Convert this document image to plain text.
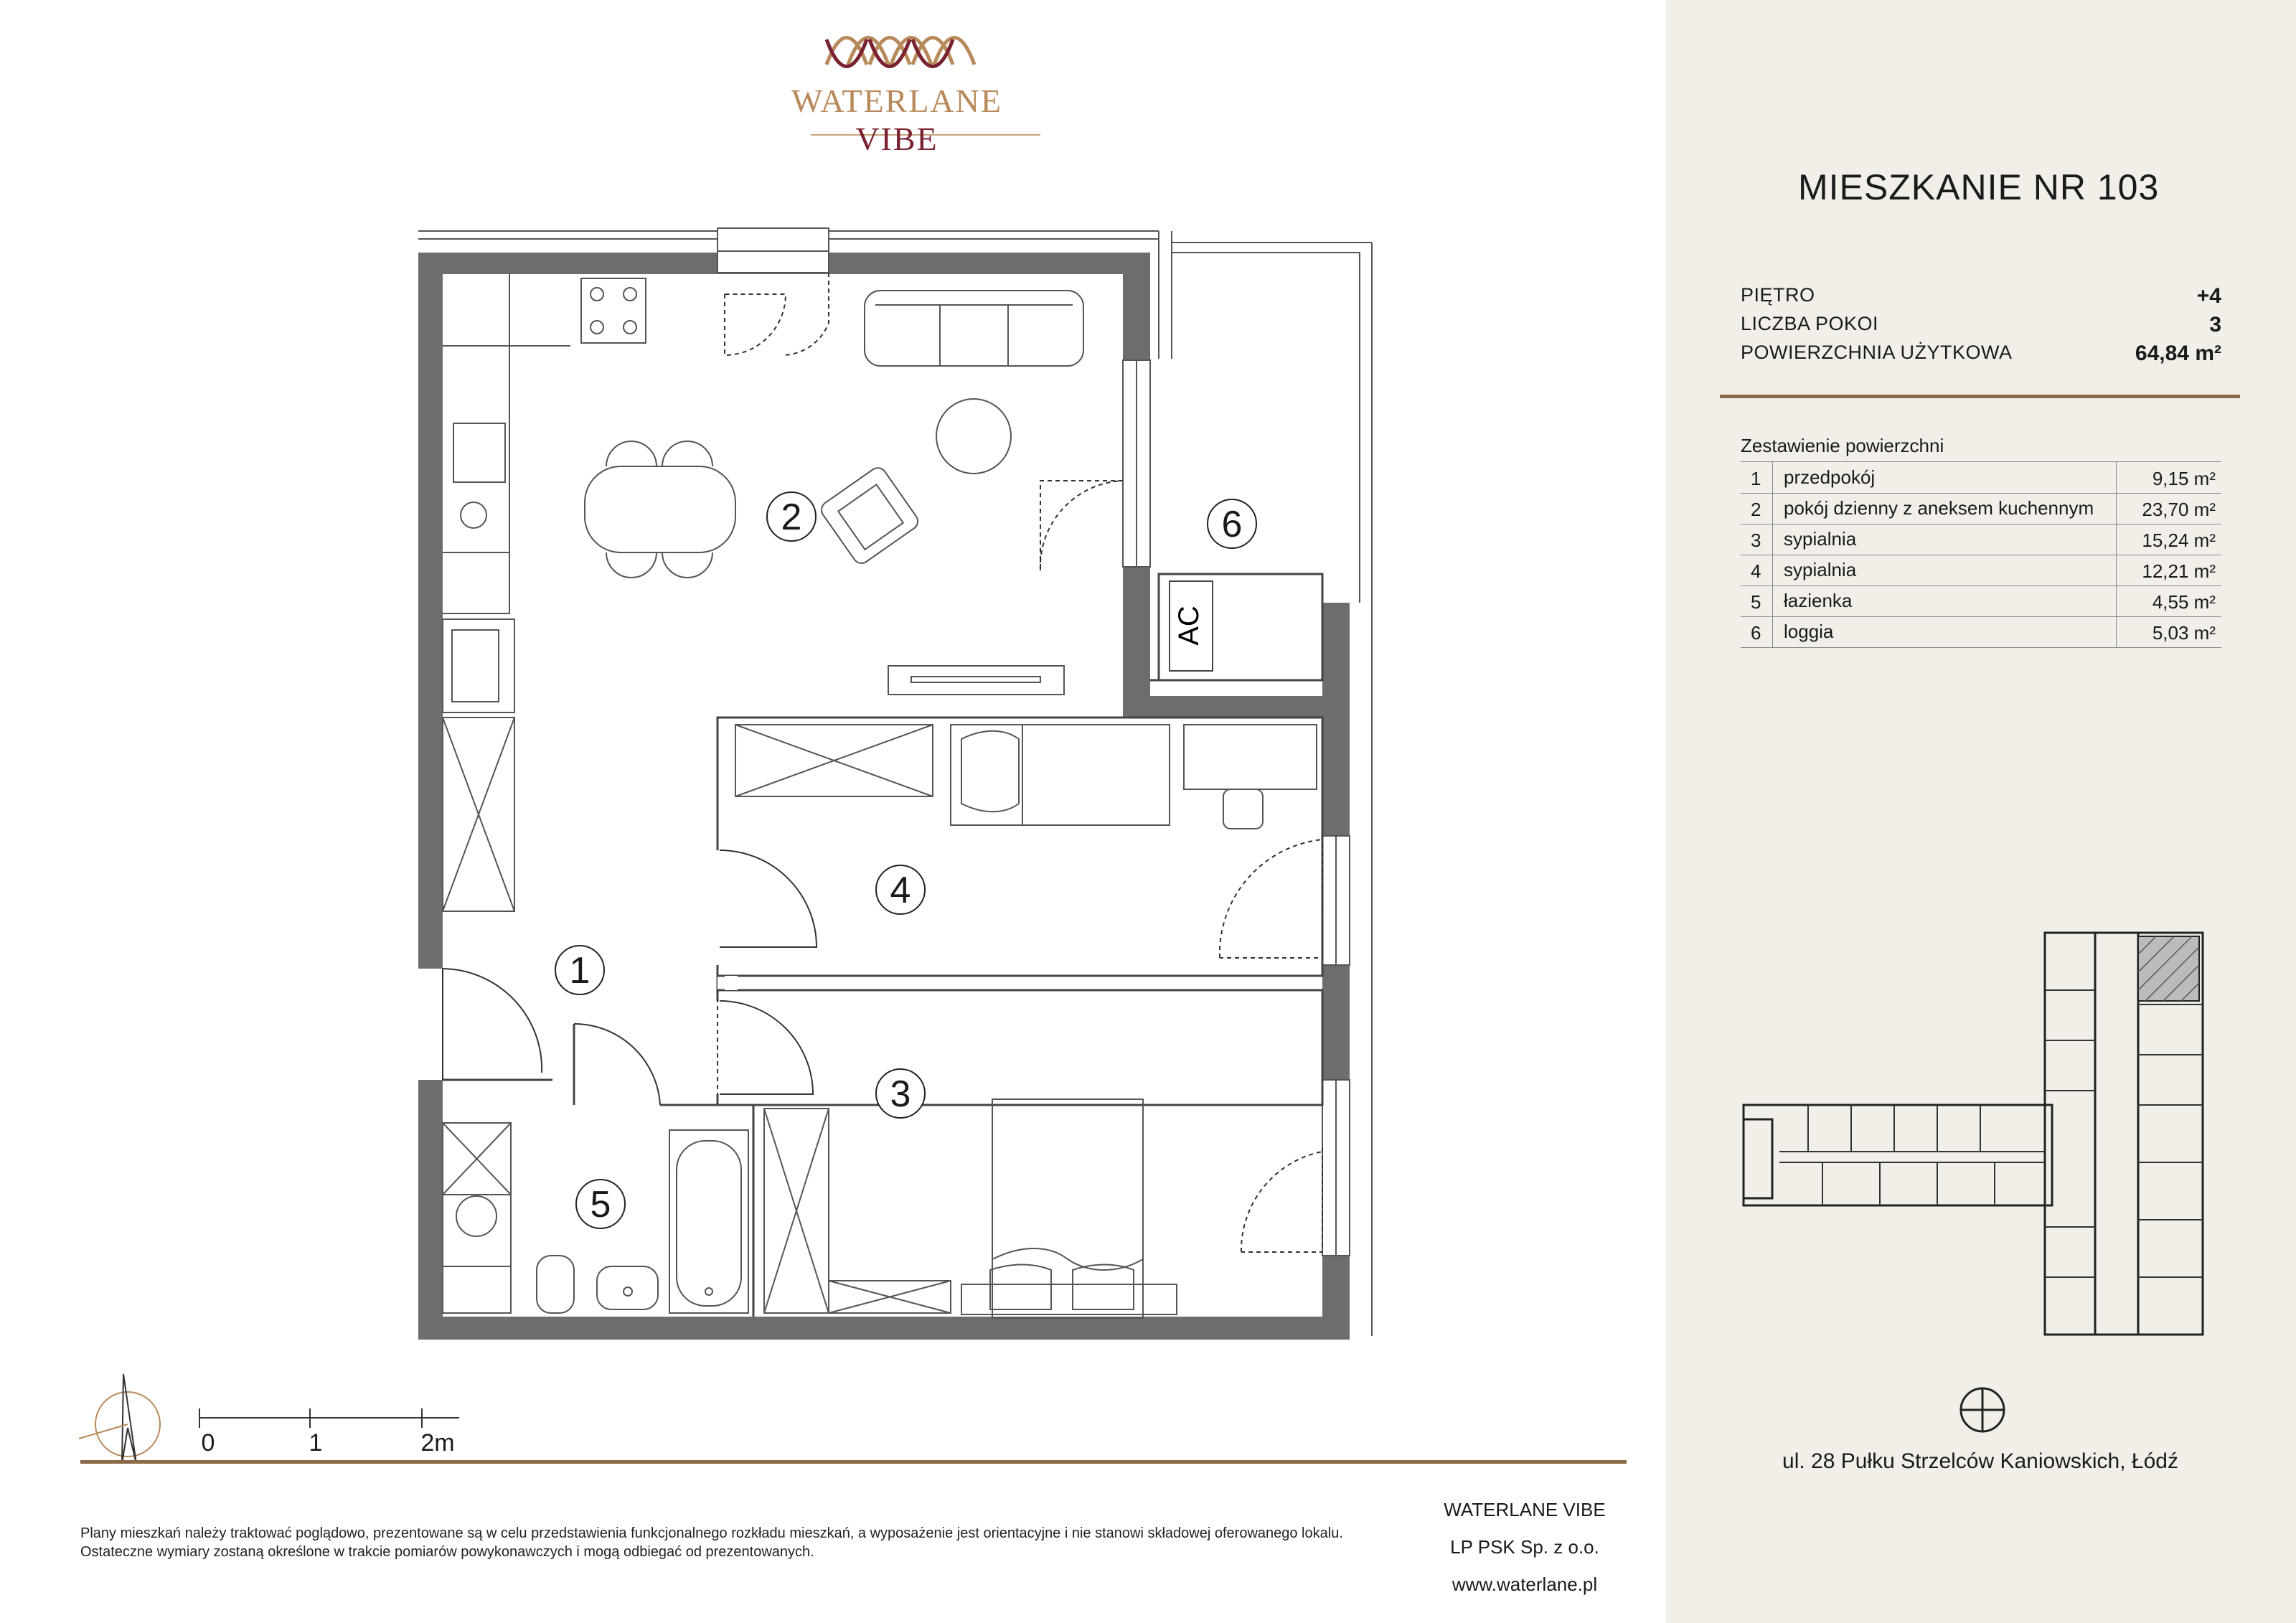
WATERLANE VIBE
AC
1
2
3
4
5
6
0	1	2m
MIESZKANIE NR 103
PIĘTRO	+4
LICZBA POKOI	3
POWIERZCHNIA UŻYTKOWA	64,84 m²
Zestawienie powierzchni
1 przedpokój	9,15 m²
2 pokój dzienny z aneksem kuchennym	23,70 m²
3 sypialnia	15,24 m²
4 sypialnia	12,21 m²
5 łazienka	4,55 m²
6 loggia	5,03 m²
ul. 28 Pułku Strzelców Kaniowskich, Łódź
Plany mieszkań należy traktować poglądowo, prezentowane są w celu przedstawienia funkcjonalnego rozkładu mieszkań, a wyposażenie jest orientacyjne i nie stanowi składowej oferowanego lokalu.
Ostateczne wymiary zostaną określone w trakcie pomiarów powykonawczych i mogą odbiegać od prezentowanych.
WATERLANE VIBE
LP PSK Sp. z o.o.
www.waterlane.pl
